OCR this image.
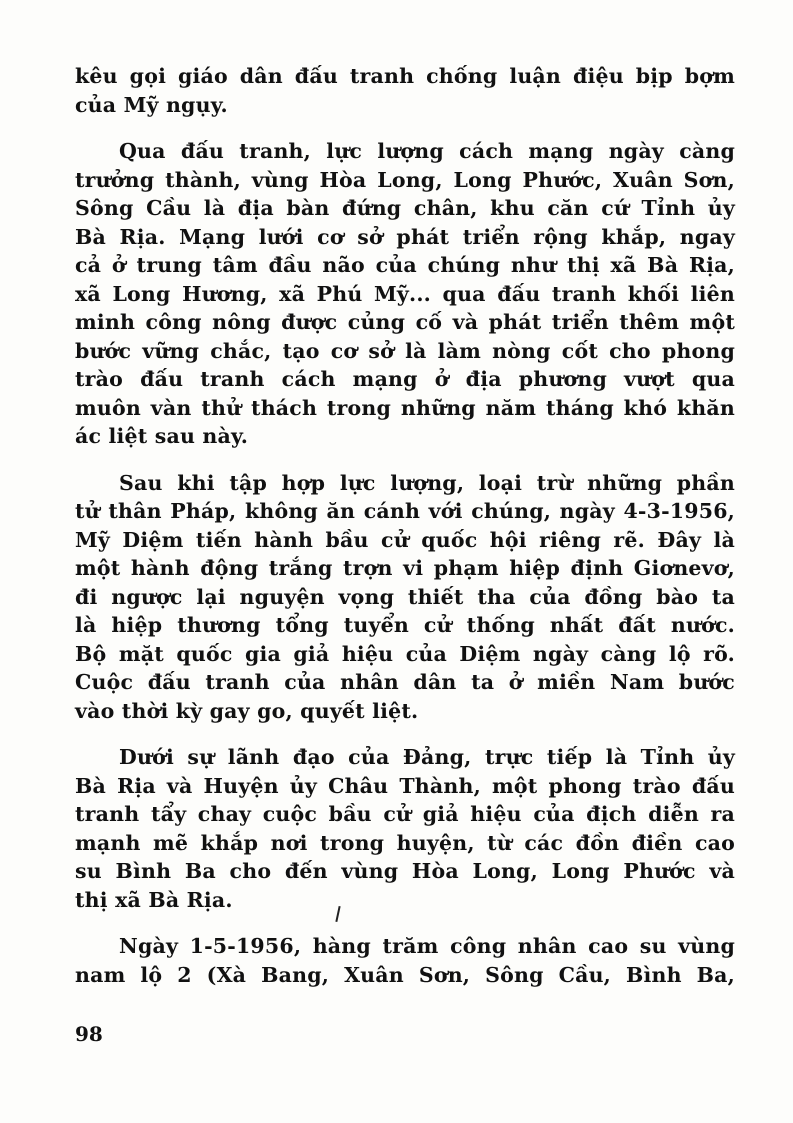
kêu gọi giáo dân đấu tranh chống luận điệu bịp bợm
của Mỹ ngụy.
Qua đấu tranh, lực lượng cách mạng ngày càng
trưởng thành, vùng Hòa Long, Long Phước, Xuân Sơn,
Sông Cầu là địa bàn đứng chân, khu căn cứ Tỉnh ủy
Bà Rịa. Mạng lưới cơ sở phát triển rộng khắp, ngay
cả ở trung tâm đầu não của chúng như thị xã Bà Rịa,
xã Long Hương, xã Phú Mỹ... qua đấu tranh khối liên
minh công nông được củng cố và phát triển thêm một
bước vững chắc, tạo cơ sở là làm nòng cốt cho phong
trào đấu tranh cách mạng ở địa phương vượt qua
muôn vàn thử thách trong những năm tháng khó khăn
ác liệt sau này.
Sau khi tập hợp lực lượng, loại trừ những phần
tử thân Pháp, không ăn cánh với chúng, ngày 4-3-1956,
Mỹ Diệm tiến hành bầu cử quốc hội riêng rẽ. Đây là
một hành động trắng trợn vi phạm hiệp định Giơnevơ,
đi ngược lại nguyện vọng thiết tha của đồng bào ta
là hiệp thương tổng tuyển cử thống nhất đất nước.
Bộ mặt quốc gia giả hiệu của Diệm ngày càng lộ rõ.
Cuộc đấu tranh của nhân dân ta ở miền Nam bước
vào thời kỳ gay go, quyết liệt.
Dưới sự lãnh đạo của Đảng, trực tiếp là Tỉnh ủy
Bà Rịa và Huyện ủy Châu Thành, một phong trào đấu
tranh tẩy chay cuộc bầu cử giả hiệu của địch diễn ra
mạnh mẽ khắp nơi trong huyện, từ các đồn điền cao
su Bình Ba cho đến vùng Hòa Long, Long Phước và
thị xã Bà Rịa.
Ngày 1-5-1956, hàng trăm công nhân cao su vùng
nam lộ 2 (Xà Bang, Xuân Sơn, Sông Cầu, Bình Ba,
98
